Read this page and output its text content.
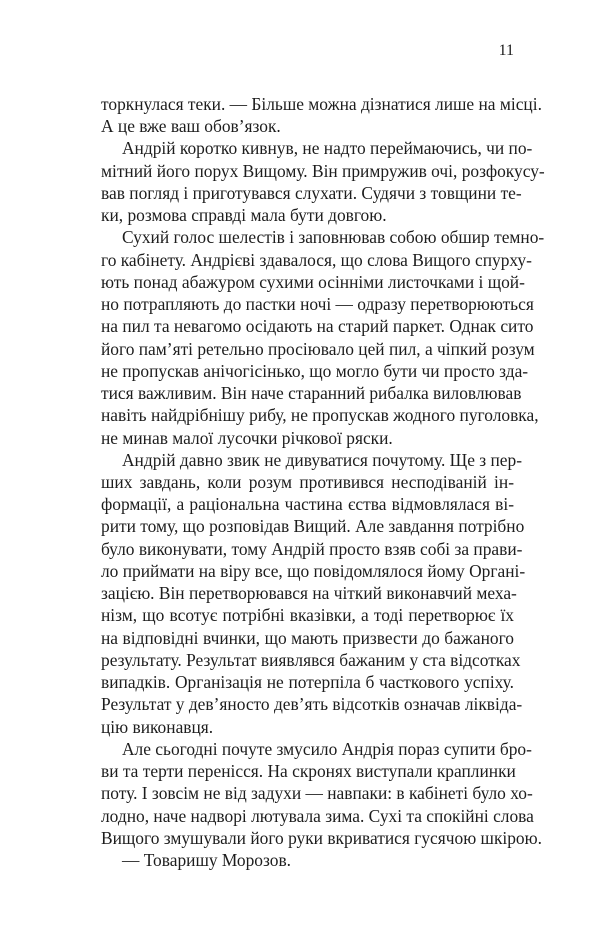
11
торкнулася теки. — Більше можна дізнатися лише на місці.
А це вже ваш обов’язок.
Андрій коротко кивнув, не надто переймаючись, чи по-
мітний його порух Вищому. Він примружив очі, розфокусу-
вав погляд і приготувався слухати. Судячи з товщини те-
ки, розмова справді мала бути довгою.
Сухий голос шелестів і заповнював собою обшир темно-
го кабінету. Андрієві здавалося, що слова Вищого спурху-
ють понад абажуром сухими осінніми листочками і щой-
но потрапляють до пастки ночі — одразу перетворюються
на пил та невагомо осідають на старий паркет. Однак сито
його пам’яті ретельно просіювало цей пил, а чіпкий розум
не пропускав анічогісінько, що могло бути чи просто зда-
тися важливим. Він наче старанний рибалка виловлював
навіть найдрібнішу рибу, не пропускав жодного пуголовка,
не минав малої лусочки річкової ряски.
Андрій давно звик не дивуватися почутому. Ще з пер-
ших завдань, коли розум противився несподіваній ін-
формації, а раціональна частина єства відмовлялася ві-
рити тому, що розповідав Вищий. Але завдання потрібно
було виконувати, тому Андрій просто взяв собі за прави-
ло приймати на віру все, що повідомлялося йому Органі-
зацією. Він перетворювався на чіткий виконавчий меха-
нізм, що всотує потрібні вказівки, а тоді перетворює їх
на відповідні вчинки, що мають призвести до бажаного
результату. Результат виявлявся бажаним у ста відсотках
випадків. Організація не потерпіла б часткового успіху.
Результат у дев’яносто дев’ять відсотків означав ліквіда-
цію виконавця.
Але сьогодні почуте змусило Андрія пораз супити бро-
ви та терти перенісся. На скронях виступали краплинки
поту. І зовсім не від задухи — навпаки: в кабінеті було хо-
лодно, наче надворі лютувала зима. Сухі та спокійні слова
Вищого змушували його руки вкриватися гусячою шкірою.
— Товаришу Морозов.
